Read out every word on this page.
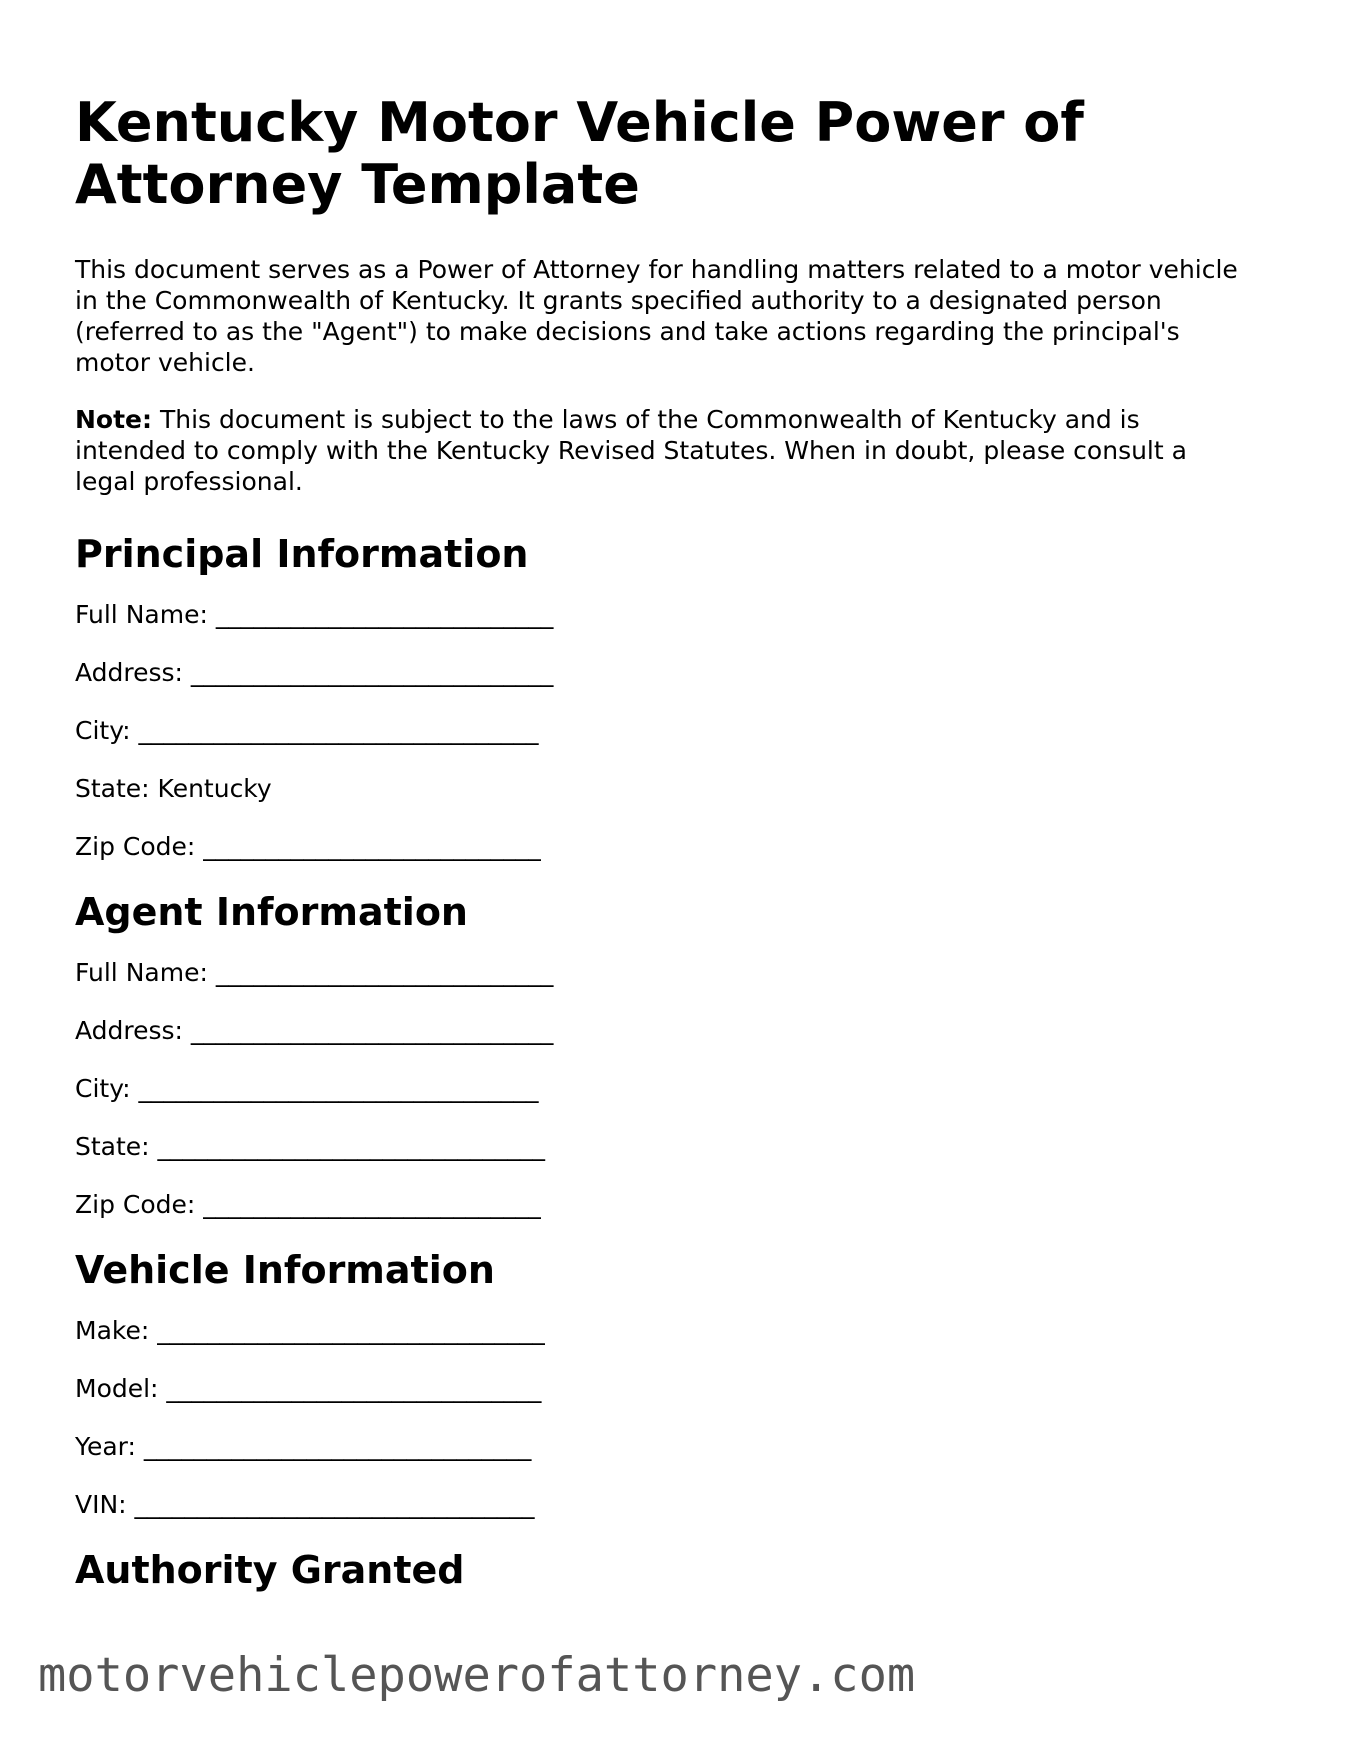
Kentucky Motor Vehicle Power of Attorney Template

This document serves as a Power of Attorney for handling matters related to a motor vehicle in the Commonwealth of Kentucky. It grants specified authority to a designated person (referred to as the "Agent") to make decisions and take actions regarding the principal's motor vehicle.

Note: This document is subject to the laws of the Commonwealth of Kentucky and is intended to comply with the Kentucky Revised Statutes. When in doubt, please consult a legal professional.

Principal Information
Full Name: ___________________________
Address: _____________________________
City: ________________________________
State: Kentucky
Zip Code: ___________________________
Agent Information
Full Name: ___________________________
Address: _____________________________
City: ________________________________
State: _______________________________
Zip Code: ___________________________
Vehicle Information
Make: _______________________________
Model: ______________________________
Year: _______________________________
VIN: ________________________________
Authority Granted
motorvehiclepowerofattorney.com
